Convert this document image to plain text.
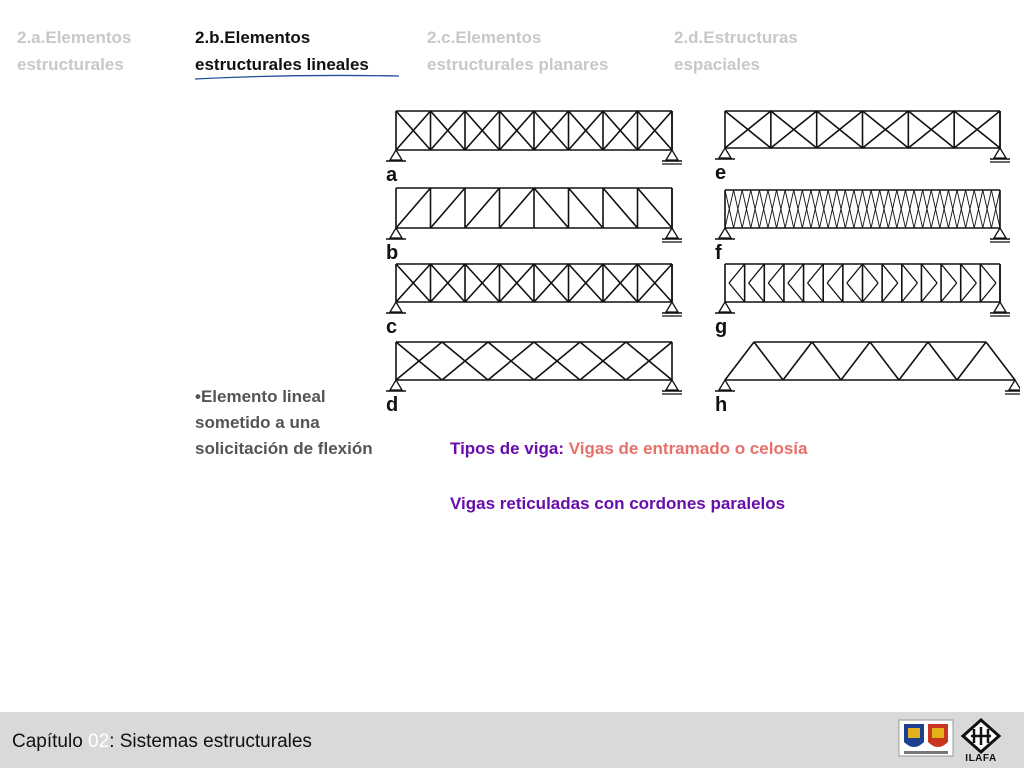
2.a.Elementos
estructurales
2.b.Elementos
estructurales lineales
2.c.Elementos
estructurales planares
2.d.Estructuras
espaciales
a
b
c
d
e
f
g
h
•Elemento lineal sometido a una solicitación de flexión	Tipos de viga: Vigas de entramado o celosía
Vigas reticuladas con cordones paralelos
Capítulo 02: Sistemas estructurales
ILAFA
